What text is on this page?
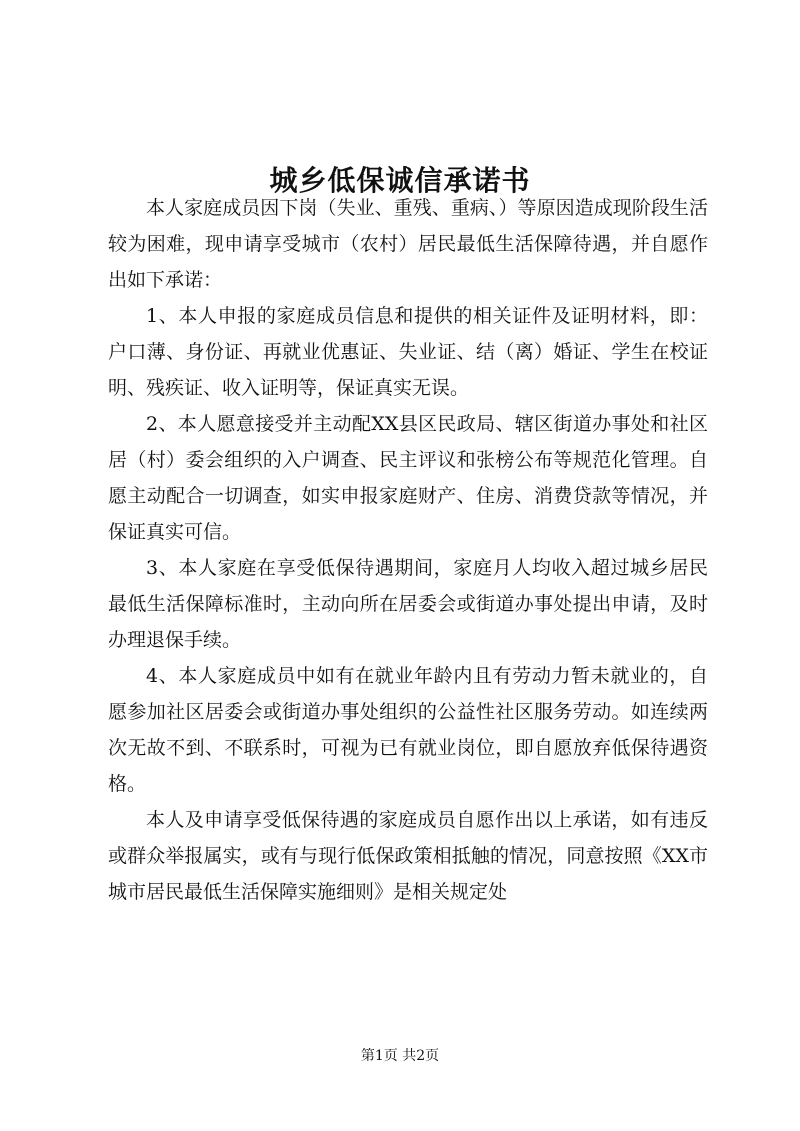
城乡低保诚信承诺书

本人家庭成员因下岗（失业、重残、重病、）等原因造成现阶段生活较为困难，现申请享受城市（农村）居民最低生活保障待遇，并自愿作出如下承诺：

1、本人申报的家庭成员信息和提供的相关证件及证明材料，即：户口薄、身份证、再就业优惠证、失业证、结（离）婚证、学生在校证明、残疾证、收入证明等，保证真实无误。

2、本人愿意接受并主动配XX县区民政局、辖区街道办事处和社区居（村）委会组织的入户调查、民主评议和张榜公布等规范化管理。自愿主动配合一切调查，如实申报家庭财产、住房、消费贷款等情况，并保证真实可信。

3、本人家庭在享受低保待遇期间，家庭月人均收入超过城乡居民最低生活保障标准时，主动向所在居委会或街道办事处提出申请，及时办理退保手续。

4、本人家庭成员中如有在就业年龄内且有劳动力暂未就业的，自愿参加社区居委会或街道办事处组织的公益性社区服务劳动。如连续两次无故不到、不联系时，可视为已有就业岗位，即自愿放弃低保待遇资格。

本人及申请享受低保待遇的家庭成员自愿作出以上承诺，如有违反或群众举报属实，或有与现行低保政策相抵触的情况，同意按照《XX市城市居民最低生活保障实施细则》是相关规定处

第1页 共2页
